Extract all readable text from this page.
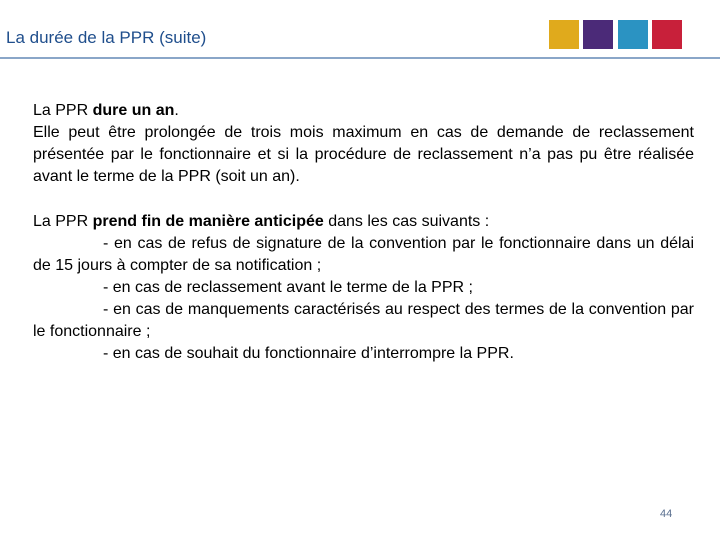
La durée de la PPR (suite)

La PPR dure un an.

Elle peut être prolongée de trois mois maximum en cas de demande de reclassement présentée par le fonctionnaire et si la procédure de reclassement n’a pas pu être réalisée avant le terme de la PPR (soit un an).

La PPR prend fin de manière anticipée dans les cas suivants :

- en cas de refus de signature de la convention par le fonctionnaire dans un délai de 15 jours à compter de sa notification ;

- en cas de reclassement avant le terme de la PPR ;

- en cas de manquements caractérisés au respect des termes de la convention par le fonctionnaire ;

- en cas de souhait du fonctionnaire d’interrompre la PPR.

44
